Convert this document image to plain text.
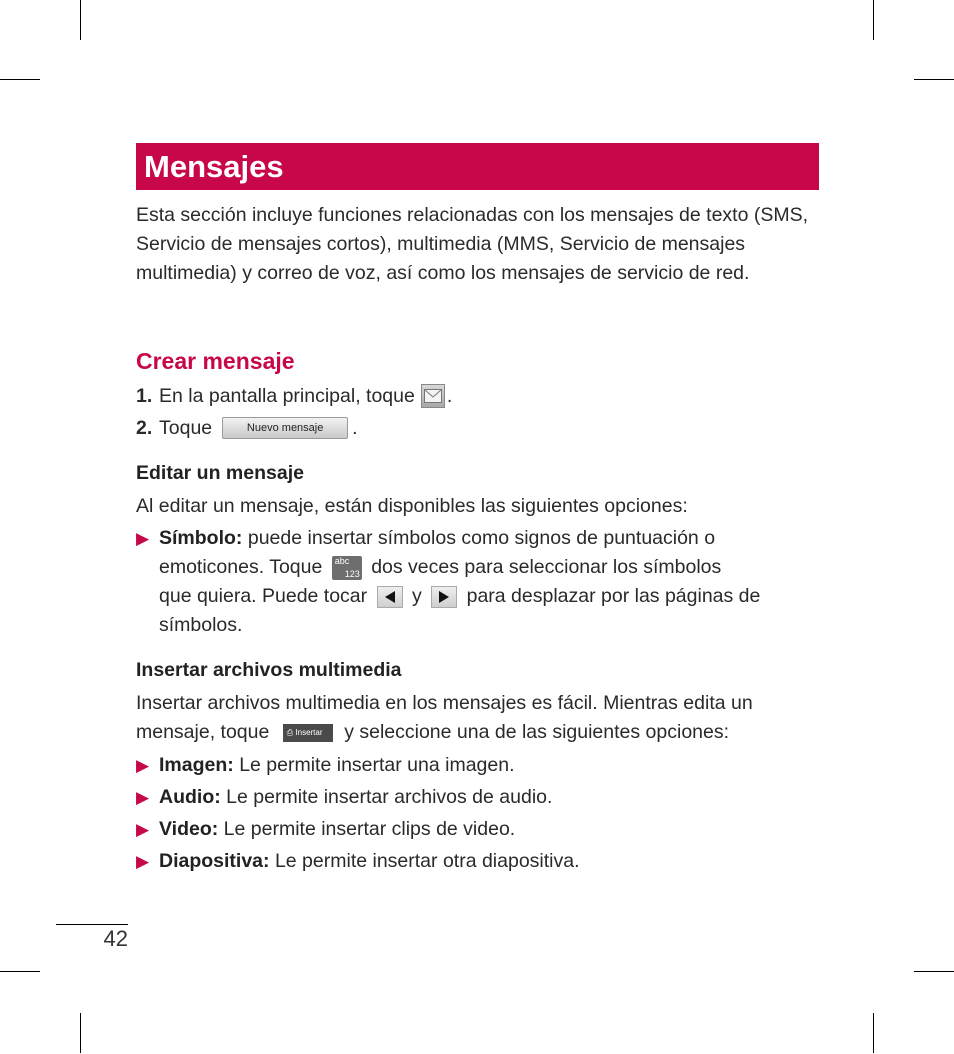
Mensajes

Esta sección incluye funciones relacionadas con los mensajes de texto (SMS, Servicio de mensajes cortos), multimedia (MMS, Servicio de mensajes multimedia) y correo de voz, así como los mensajes de servicio de red.

Crear mensaje
1. En la pantalla principal, toque .
2. Toque	Nuevo mensaje	.
Editar un mensaje
Al editar un mensaje, están disponibles las siguientes opciones:
▶ Símbolo: puede insertar símbolos como signos de puntuación o
emoticones. Toque abc
123 dos veces para seleccionar los símbolos
que quiera. Puede tocar y para desplazar por las páginas de
símbolos.
Insertar archivos multimedia
Insertar archivos multimedia en los mensajes es fácil. Mientras edita un
mensaje, toque ⎙ Insertar y seleccione una de las siguientes opciones:
▶ Imagen: Le permite insertar una imagen.
▶ Audio: Le permite insertar archivos de audio.
▶ Video: Le permite insertar clips de video.
▶ Diapositiva: Le permite insertar otra diapositiva.
42
